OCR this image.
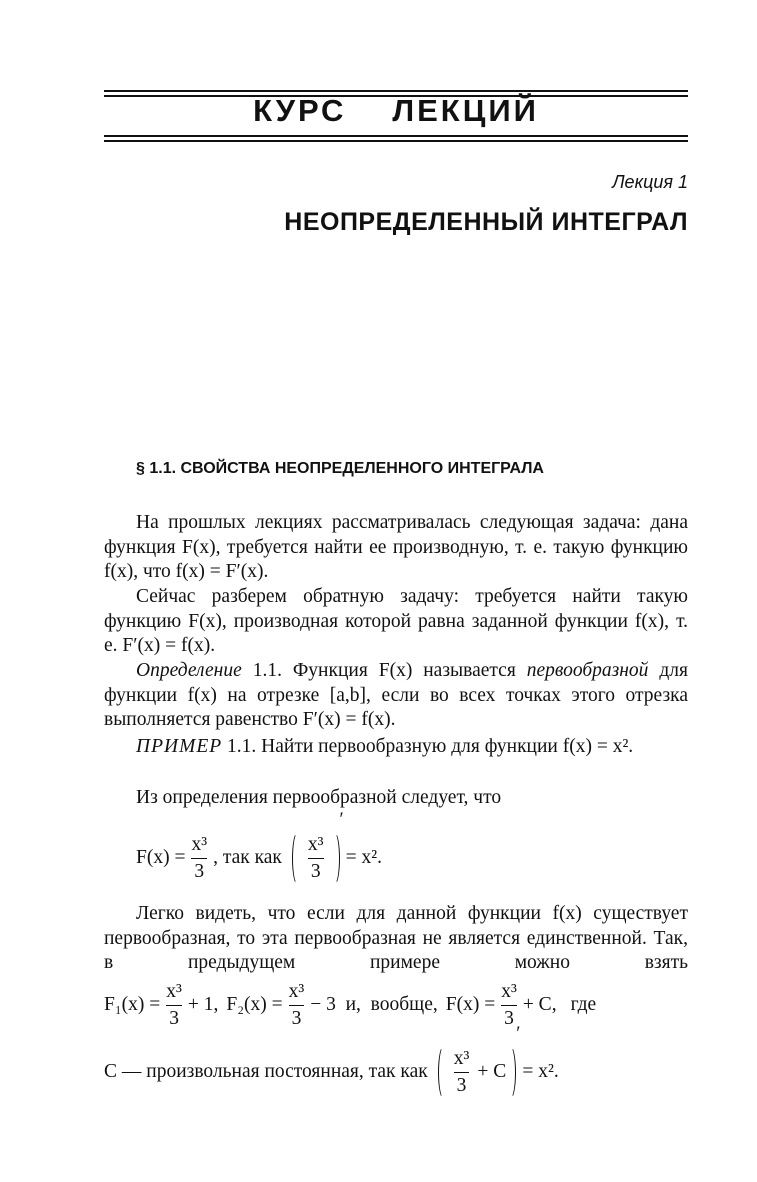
КУРС ЛЕКЦИЙ
Лекция 1
НЕОПРЕДЕЛЕННЫЙ ИНТЕГРАЛ
§ 1.1. СВОЙСТВА НЕОПРЕДЕЛЕННОГО ИНТЕГРАЛА
На прошлых лекциях рассматривалась следующая задача: дана функция F(x), требуется найти ее производную, т. е. такую функцию f(x), что f(x) = F′(x).
Сейчас разберем обратную задачу: требуется найти такую функцию F(x), производная которой равна заданной функции f(x), т. е. F′(x) = f(x).
Определение 1.1. Функция F(x) называется первообразной для функции f(x) на отрезке [a,b], если во всех точках этого отрезка выполняется равенство F′(x) = f(x).
ПРИМЕР 1.1. Найти первообразную для функции f(x) = x².
Из определения первообразной следует, что
$F(x) = \frac{\text{x³}}{3}$ , так как $\frac{\text{x³}}{3}$
′
= x².
Легко видеть, что если для данной функции f(x) существует первообразная, то эта первообразная не является единственной. Так, в предыдущем примере можно взять
$F_1(x) = \frac{\text{x³}}{3} + 1$, $F_2(x) = \frac{\text{x³}}{3} - 3$  и,  вообще, $F(x) = \frac{\text{x³}}{3} + C$, где
C — произвольная постоянная, так как $\frac{\text{x³}}{3} + C$
′
= x².
